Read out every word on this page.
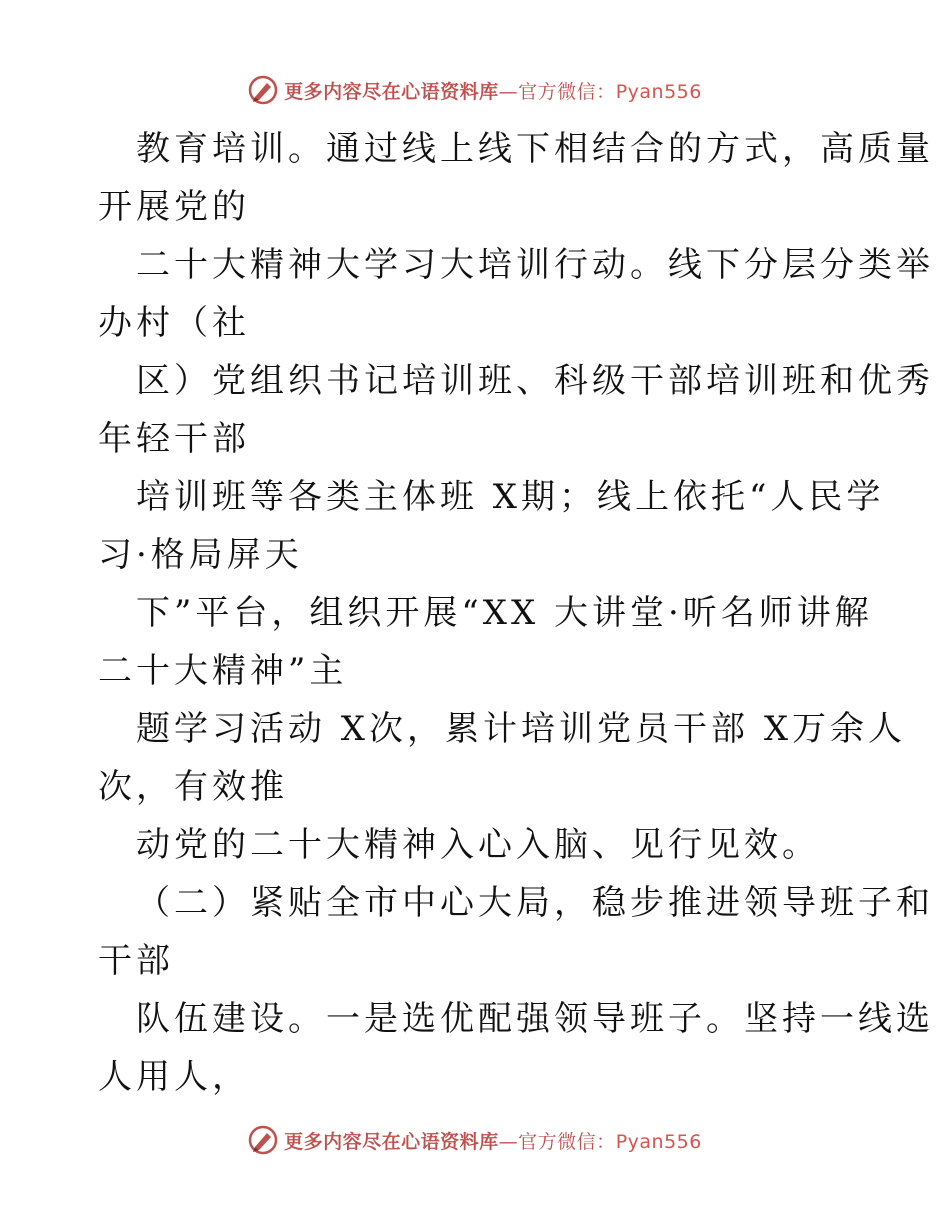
更多内容尽在心语资料库—官方微信：Pyan556
教育培训。通过线上线下相结合的方式，高质量
开展党的
二十大精神大学习大培训行动。线下分层分类举
办村（社
区）党组织书记培训班、科级干部培训班和优秀
年轻干部
培训班等各类主体班 X期；线上依托“人民学
习·格局屏天
下”平台，组织开展“XX 大讲堂·听名师讲解
二十大精神”主
题学习活动 X次，累计培训党员干部 X万余人
次，有效推
动党的二十大精神入心入脑、见行见效。
（二）紧贴全市中心大局，稳步推进领导班子和
干部
队伍建设。一是选优配强领导班子。坚持一线选
人用人，
更多内容尽在心语资料库—官方微信：Pyan556
